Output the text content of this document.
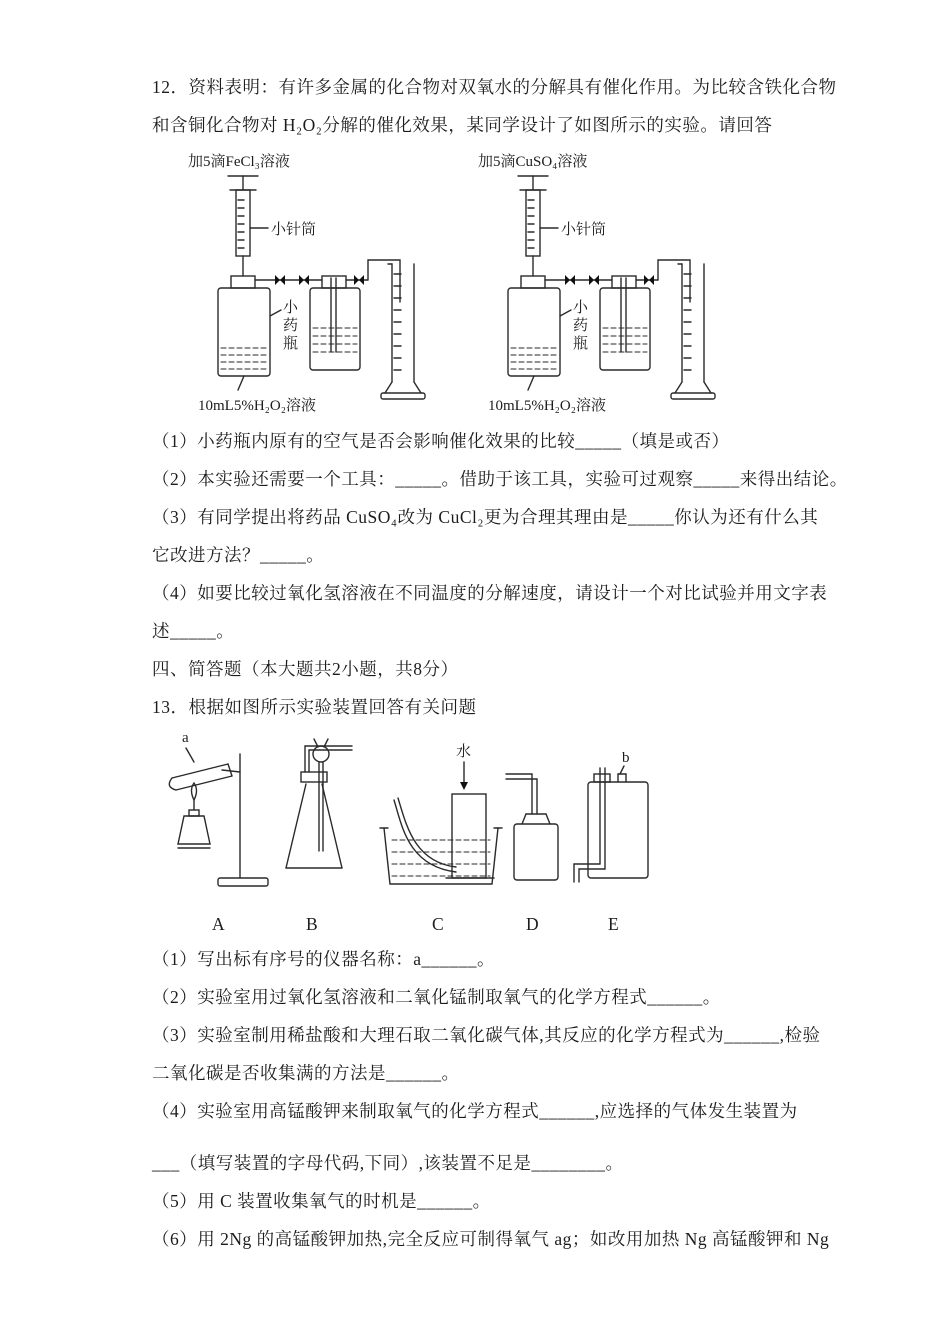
12．资料表明：有许多金属的化合物对双氧水的分解具有催化作用。为比较含铁化合物
和含铜化合物对 H₂O₂分解的催化效果，某同学设计了如图所示的实验。请回答
加5滴FeCl₃溶液
小针筒
小
药
瓶
10mL5%H₂O₂溶液
加5滴CuSO₄溶液
小针筒
小
药
瓶
10mL5%H₂O₂溶液
（1）小药瓶内原有的空气是否会影响催化效果的比较_____（填是或否）
（2）本实验还需要一个工具：_____。借助于该工具，实验可过观察_____来得出结论。
（3）有同学提出将药品 CuSO₄改为 CuCl₂更为合理其理由是_____你认为还有什么其
它改进方法？_____。
（4）如要比较过氧化氢溶液在不同温度的分解速度，请设计一个对比试验并用文字表
述_____。
四、简答题（本大题共2小题，共8分）
13．根据如图所示实验装置回答有关问题
a
水	b
A	B	C	D	E
（1）写出标有序号的仪器名称：a______。
（2）实验室用过氧化氢溶液和二氧化锰制取氧气的化学方程式______。
（3）实验室制用稀盐酸和大理石取二氧化碳气体,其反应的化学方程式为______,检验
二氧化碳是否收集满的方法是______。
（4）实验室用高锰酸钾来制取氧气的化学方程式______,应选择的气体发生装置为
___（填写装置的字母代码,下同）,该装置不足是________。
（5）用 C 装置收集氧气的时机是______。
（6）用 2Ng 的高锰酸钾加热,完全反应可制得氧气 ag；如改用加热 Ng 高锰酸钾和 Ng
